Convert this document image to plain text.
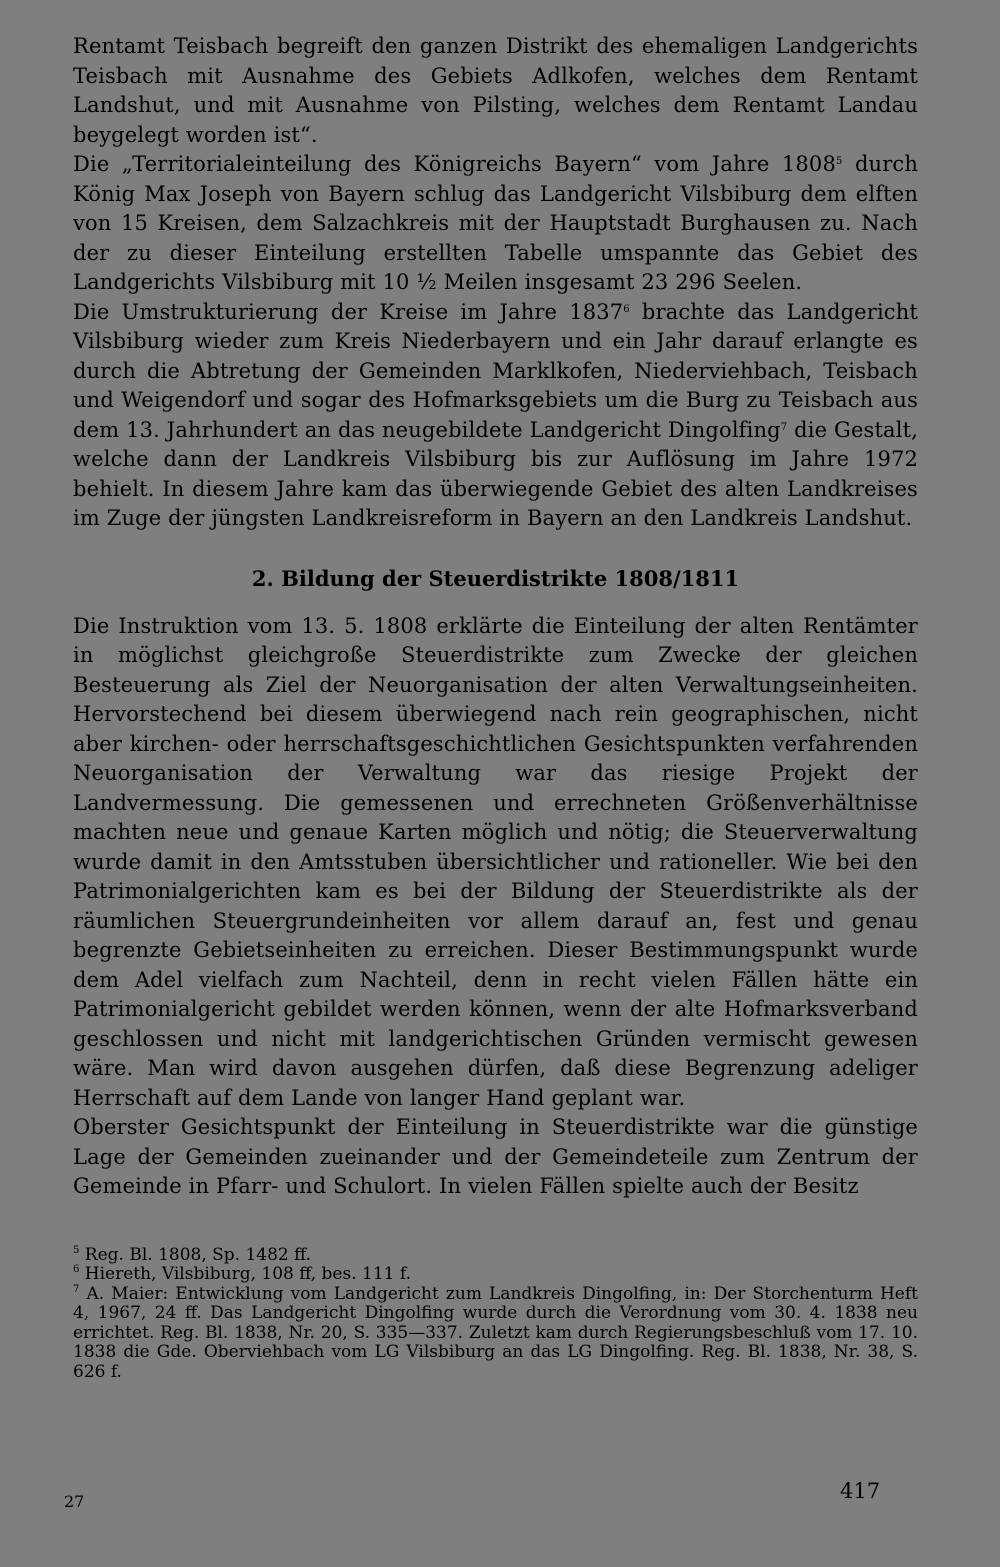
Rentamt Teisbach begreift den ganzen Distrikt des ehemaligen Landgerichts Teisbach mit Ausnahme des Gebiets Adlkofen, welches dem Rentamt Landshut, und mit Ausnahme von Pilsting, welches dem Rentamt Landau beygelegt worden ist“.

Die „Territorialeinteilung des Königreichs Bayern“ vom Jahre 1808$^5$ durch König Max Joseph von Bayern schlug das Landgericht Vilsbiburg dem elften von 15 Kreisen, dem Salzachkreis mit der Hauptstadt Burghausen zu. Nach der zu dieser Einteilung erstellten Tabelle umspannte das Gebiet des Landgerichts Vilsbiburg mit 10 ½ Meilen insgesamt 23 296 Seelen.

Die Umstrukturierung der Kreise im Jahre 1837$^6$ brachte das Landgericht Vilsbiburg wieder zum Kreis Niederbayern und ein Jahr darauf erlangte es durch die Abtretung der Gemeinden Marklkofen, Niederviehbach, Teisbach und Weigendorf und sogar des Hofmarksgebiets um die Burg zu Teisbach aus dem 13. Jahrhundert an das neugebildete Landgericht Dingolfing$^7$ die Gestalt, welche dann der Landkreis Vilsbiburg bis zur Auflösung im Jahre 1972 behielt. In diesem Jahre kam das überwiegende Gebiet des alten Landkreises im Zuge der jüngsten Landkreisreform in Bayern an den Landkreis Landshut.

2. Bildung der Steuerdistrikte 1808/1811

Die Instruktion vom 13. 5. 1808 erklärte die Einteilung der alten Rentämter in möglichst gleichgroße Steuerdistrikte zum Zwecke der gleichen Besteuerung als Ziel der Neuorganisation der alten Verwaltungseinheiten. Hervorstechend bei diesem überwiegend nach rein geographischen, nicht aber kirchen- oder herrschaftsgeschichtlichen Gesichtspunkten verfahrenden Neuorganisation der Verwaltung war das riesige Projekt der Landvermessung. Die gemessenen und errechneten Größenverhältnisse machten neue und genaue Karten möglich und nötig; die Steuerverwaltung wurde damit in den Amtsstuben übersichtlicher und rationeller. Wie bei den Patrimonialgerichten kam es bei der Bildung der Steuerdistrikte als der räumlichen Steuergrundeinheiten vor allem darauf an, fest und genau begrenzte Gebietseinheiten zu erreichen. Dieser Bestimmungspunkt wurde dem Adel vielfach zum Nachteil, denn in recht vielen Fällen hätte ein Patrimonialgericht gebildet werden können, wenn der alte Hofmarksverband geschlossen und nicht mit landgerichtischen Gründen vermischt gewesen wäre. Man wird davon ausgehen dürfen, daß diese Begrenzung adeliger Herrschaft auf dem Lande von langer Hand geplant war.

Oberster Gesichtspunkt der Einteilung in Steuerdistrikte war die günstige Lage der Gemeinden zueinander und der Gemeindeteile zum Zentrum der Gemeinde in Pfarr- und Schulort. In vielen Fällen spielte auch der Besitz

$^5$ Reg. Bl. 1808, Sp. 1482 ff.

$^6$ Hiereth, Vilsbiburg, 108 ff, bes. 111 f.

$^7$ A. Maier: Entwicklung vom Landgericht zum Landkreis Dingolfing, in: Der Storchenturm Heft 4, 1967, 24 ff. Das Landgericht Dingolfing wurde durch die Verordnung vom 30. 4. 1838 neu errichtet. Reg. Bl. 1838, Nr. 20, S. 335—337. Zuletzt kam durch Regierungsbeschluß vom 17. 10. 1838 die Gde. Oberviehbach vom LG Vilsbiburg an das LG Dingolfing. Reg. Bl. 1838, Nr. 38, S. 626 f.

417
27
